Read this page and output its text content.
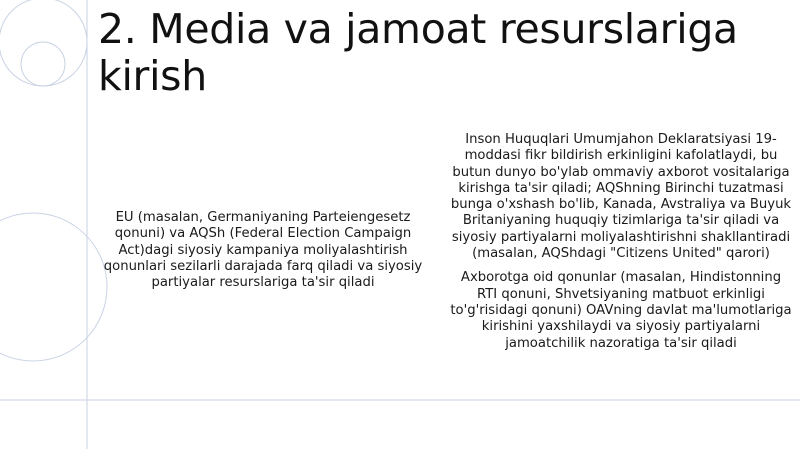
2. Media va jamoat resurslariga kirish

EU (masalan, Germaniyaning Parteiengesetz qonuni) va AQSh (Federal Election Campaign Act)dagi siyosiy kampaniya moliyalashtirish qonunlari sezilarli darajada farq qiladi va siyosiy partiyalar resurslariga ta'sir qiladi

Inson Huquqlari Umumjahon Deklaratsiyasi 19-moddasi fikr bildirish erkinligini kafolatlaydi, bu butun dunyo bo'ylab ommaviy axborot vositalariga kirishga ta'sir qiladi; AQShning Birinchi tuzatmasi bunga o'xshash bo'lib, Kanada, Avstraliya va Buyuk Britaniyaning huquqiy tizimlariga ta'sir qiladi va siyosiy partiyalarni moliyalashtirishni shakllantiradi (masalan, AQShdagi "Citizens United" qarori)

Axborotga oid qonunlar (masalan, Hindistonning RTI qonuni, Shvetsiyaning matbuot erkinligi to'g'risidagi qonuni) OAVning davlat ma'lumotlariga kirishini yaxshilaydi va siyosiy partiyalarni jamoatchilik nazoratiga ta'sir qiladi
